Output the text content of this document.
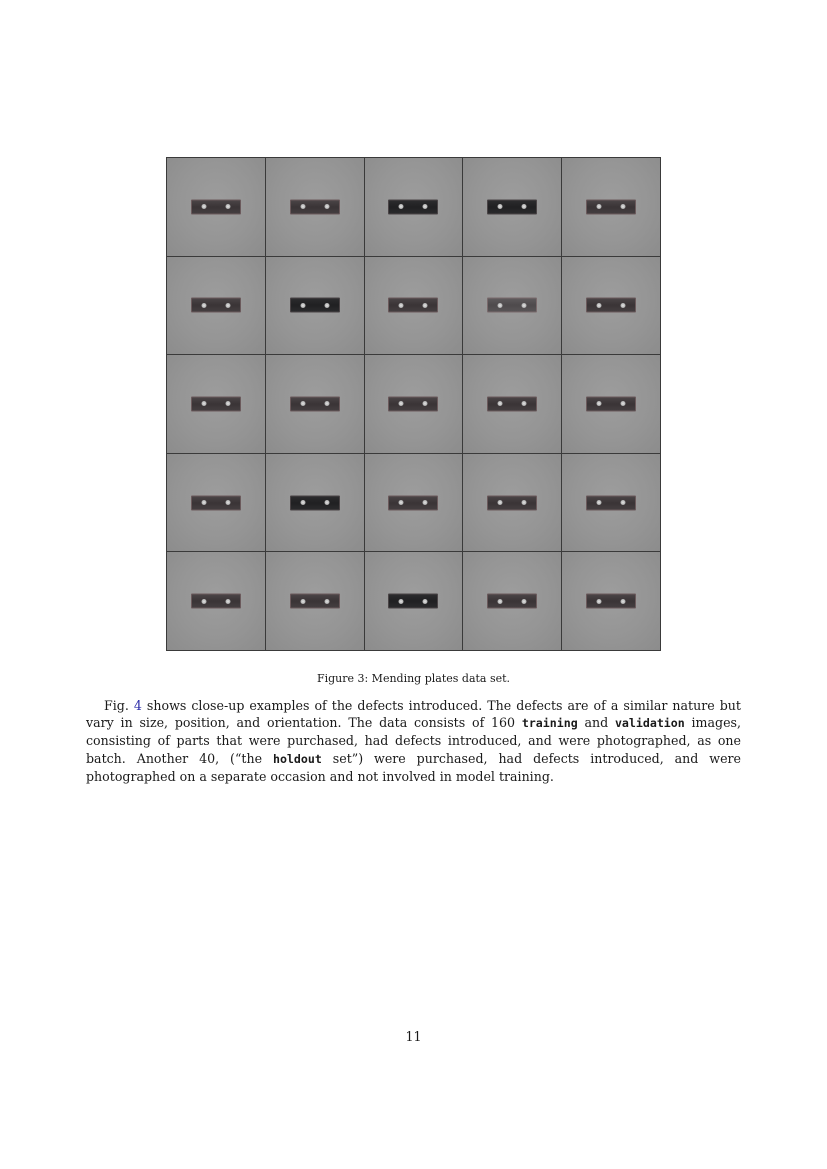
Figure 3: Mending plates data set.

Fig. 4 shows close-up examples of the defects introduced. The defects are of a similar nature but vary in size, position, and orientation. The data consists of 160 training and validation images, consisting of parts that were purchased, had defects introduced, and were photographed, as one batch. Another 40, (“the holdout set”) were purchased, had defects introduced, and were photographed on a separate occasion and not involved in model training.

11
